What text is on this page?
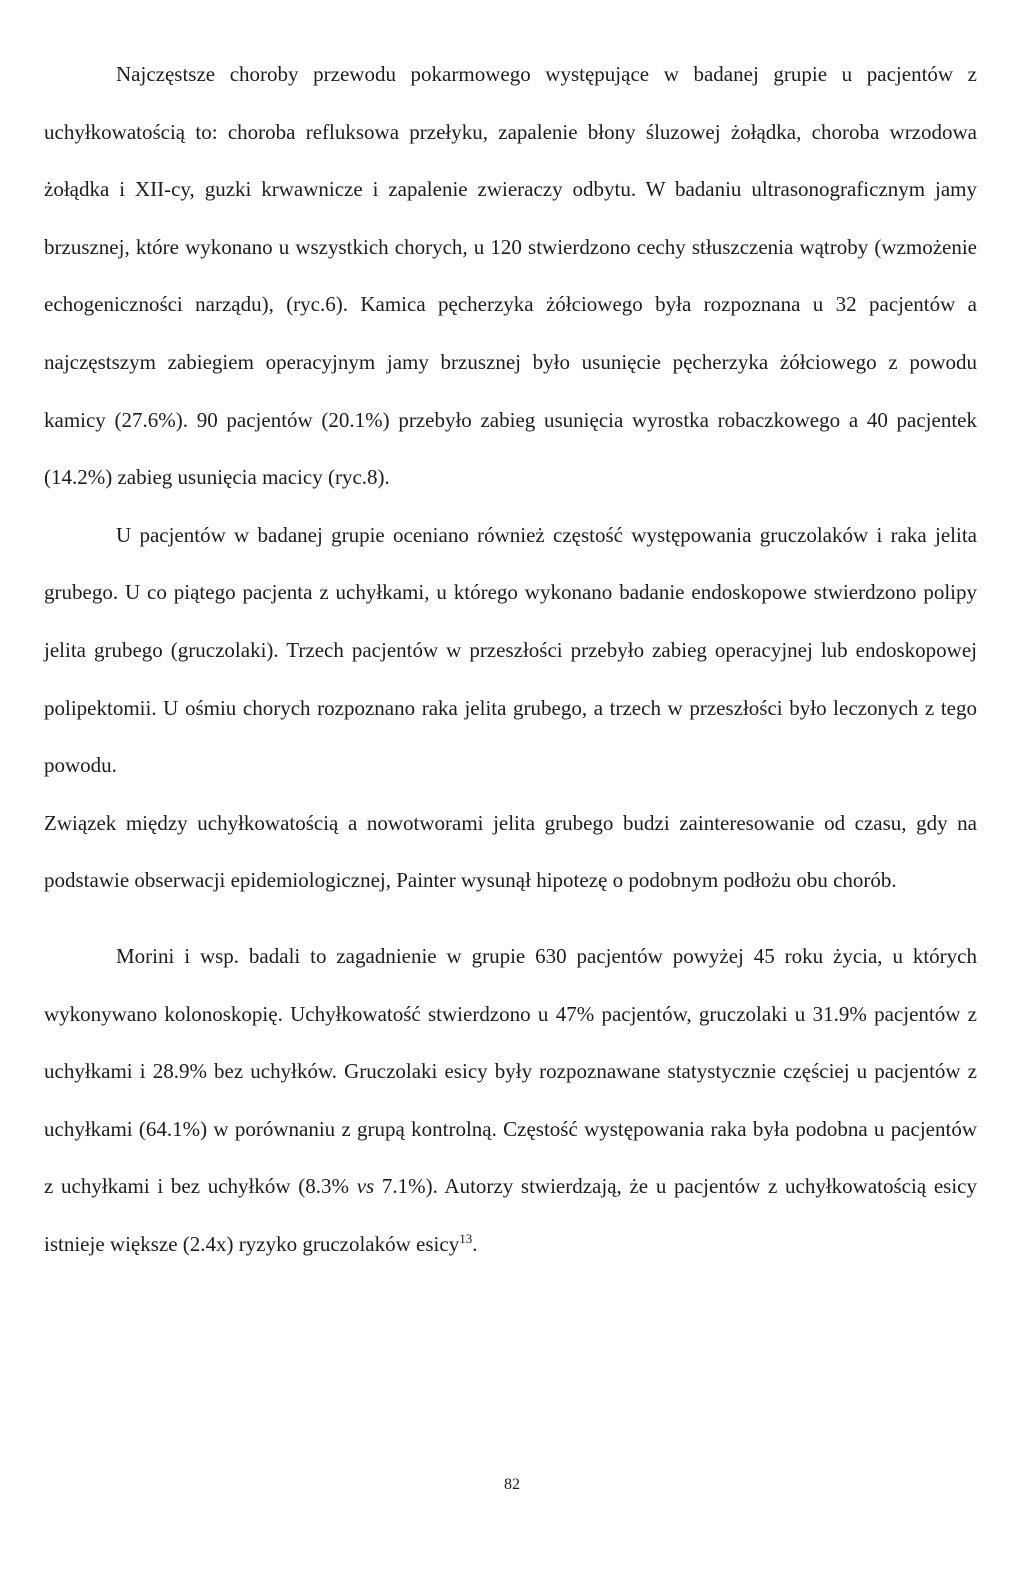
Najczęstsze choroby przewodu pokarmowego występujące w badanej grupie u pacjentów z uchyłkowatością to: choroba refluksowa przełyku, zapalenie błony śluzowej żołądka, choroba wrzodowa żołądka i XII-cy, guzki krwawnicze i zapalenie zwieraczy odbytu. W badaniu ultrasonograficznym jamy brzusznej, które wykonano u wszystkich chorych, u 120 stwierdzono cechy stłuszczenia wątroby (wzmożenie echogeniczności narządu), (ryc.6). Kamica pęcherzyka żółciowego była rozpoznana u 32 pacjentów a najczęstszym zabiegiem operacyjnym jamy brzusznej było usunięcie pęcherzyka żółciowego z powodu kamicy (27.6%). 90 pacjentów (20.1%) przebyło zabieg usunięcia wyrostka robaczkowego a 40 pacjentek (14.2%) zabieg usunięcia macicy (ryc.8).

U pacjentów w badanej grupie oceniano również częstość występowania gruczolaków i raka jelita grubego. U co piątego pacjenta z uchyłkami, u którego wykonano badanie endoskopowe stwierdzono polipy jelita grubego (gruczolaki). Trzech pacjentów w przeszłości przebyło zabieg operacyjnej lub endoskopowej polipektomii. U ośmiu chorych rozpoznano raka jelita grubego, a trzech w przeszłości było leczonych z tego powodu.

Związek między uchyłkowatością a nowotworami jelita grubego budzi zainteresowanie od czasu, gdy na podstawie obserwacji epidemiologicznej, Painter wysunął hipotezę o podobnym podłożu obu chorób.

Morini i wsp. badali to zagadnienie w grupie 630 pacjentów powyżej 45 roku życia, u których wykonywano kolonoskopię. Uchyłkowatość stwierdzono u 47% pacjentów, gruczolaki u 31.9% pacjentów z uchyłkami i 28.9% bez uchyłków. Gruczolaki esicy były rozpoznawane statystycznie częściej u pacjentów z uchyłkami (64.1%) w porównaniu z grupą kontrolną. Częstość występowania raka była podobna u pacjentów z uchyłkami i bez uchyłków (8.3% vs 7.1%). Autorzy stwierdzają, że u pacjentów z uchyłkowatością esicy istnieje większe (2.4x) ryzyko gruczolaków esicy$^{13}$.

82
